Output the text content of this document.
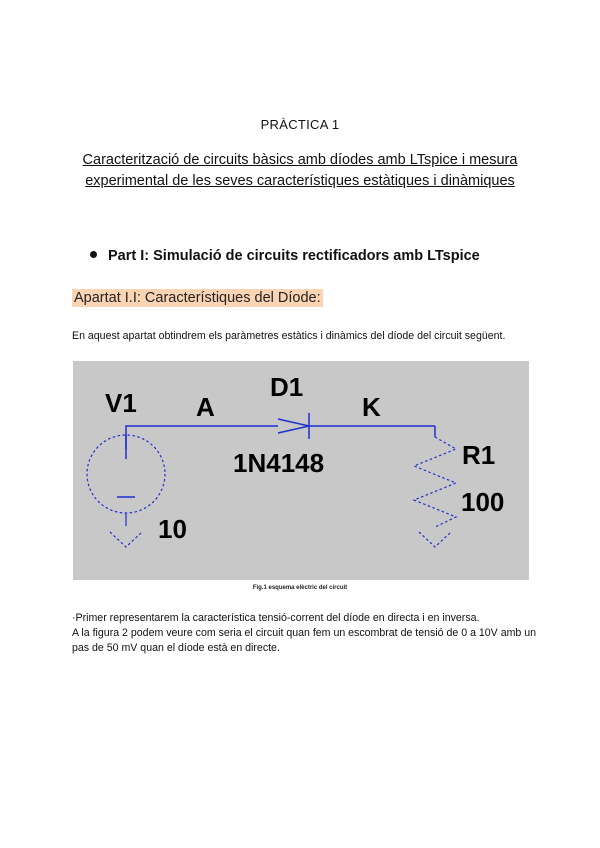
PRÀCTICA 1
Caracterització de circuits bàsics amb díodes amb LTspice i mesura experimental de les seves característiques estàtiques i dinàmiques
Part I: Simulació de circuits rectificadors amb LTspice
Apartat I.I: Característiques del Díode:
En aquest apartat obtindrem els paràmetres estàtics i dinàmics del díode del circuit següent.
V1 A
D1
K
1N4148	R1
100
10
Fig.1 esquema elèctric del circuit

·Primer representarem la característica tensió-corrent del díode en directa i en inversa.

A la figura 2 podem veure com seria el circuit quan fem un escombrat de tensió de 0 a 10V amb un pas de 50 mV quan el díode està en directe.
